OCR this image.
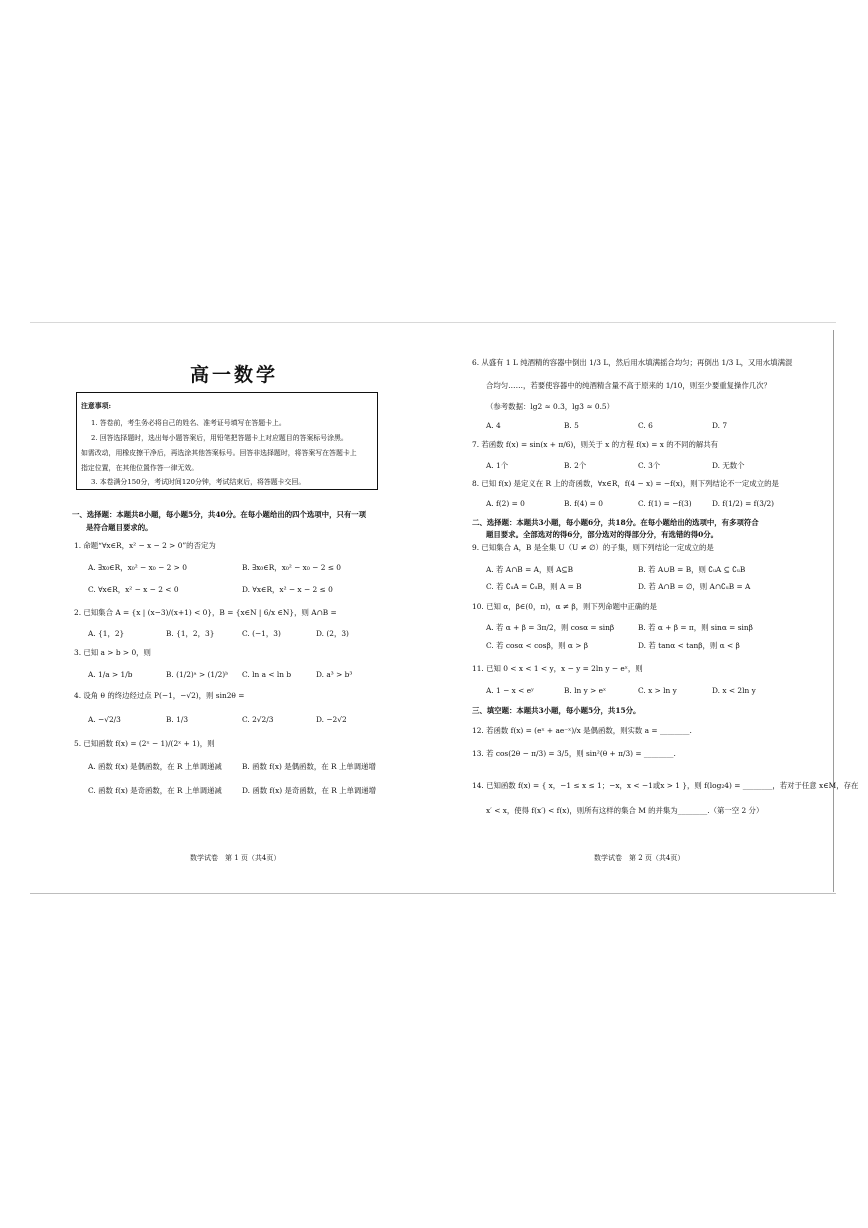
高一数学
注意事项:
1. 答卷前，考生务必将自己的姓名、准考证号填写在答题卡上。
2. 回答选择题时，选出每小题答案后，用铅笔把答题卡上对应题目的答案标号涂黑。
如需改动，用橡皮擦干净后，再选涂其他答案标号。回答非选择题时，将答案写在答题卡上
指定位置，在其他位置作答一律无效。
3. 本卷满分150分，考试时间120分钟，考试结束后，将答题卡交回。
一、选择题：本题共8小题，每小题5分，共40分。在每小题给出的四个选项中，只有一项
是符合题目要求的。
1. 命题“∀x∈R，x² − x − 2 > 0”的否定为
A. ∃x₀∈R，x₀² − x₀ − 2 > 0	B. ∃x₀∈R，x₀² − x₀ − 2 ≤ 0
C. ∀x∈R，x² − x − 2 < 0	D. ∀x∈R，x² − x − 2 ≤ 0
2. 已知集合 A = {x | (x−3)/(x+1) < 0}，B = {x∈N | 6/x ∈N}，则 A∩B =
A. {1，2}	B. {1，2，3}	C. (−1，3)	D. (2，3)
3. 已知 a > b > 0，则
A. 1/a > 1/b	B. (1/2)ᵃ > (1/2)ᵇ C. ln a < ln b	D. a³ > b³
4. 设角 θ 的终边经过点 P(−1，−√2)，则 sin2θ =
A. −√2/3	B. 1/3	C. 2√2/3	D. −2√2
5. 已知函数 f(x) = (2ˣ − 1)/(2ˣ + 1)，则
A. 函数 f(x) 是偶函数，在 R 上单调递减	B. 函数 f(x) 是偶函数，在 R 上单调递增
C. 函数 f(x) 是奇函数，在 R 上单调递减	D. 函数 f(x) 是奇函数，在 R 上单调递增
数学试卷　第 1 页（共4页）
6. 从盛有 1 L 纯酒精的容器中倒出 1/3 L，然后用水填满摇合均匀；再倒出 1/3 L，又用水填满混
合均匀……，若要使容器中的纯酒精含量不高于原来的 1/10，则至少要重复操作几次？
（参考数据：lg2 ≈ 0.3，lg3 ≈ 0.5）
A. 4	B. 5	C. 6	D. 7
7. 若函数 f(x) = sin(x + π/6)，则关于 x 的方程 f(x) = x 的不同的解共有
A. 1个	B. 2个	C. 3个	D. 无数个
8. 已知 f(x) 是定义在 R 上的奇函数，∀x∈R，f(4 − x) = −f(x)，则下列结论不一定成立的是
A. f(2) = 0	B. f(4) = 0	C. f(1) = −f(3)	D. f(1/2) = f(3/2)
二、选择题：本题共3小题，每小题6分，共18分。在每小题给出的选项中，有多项符合
题目要求。全部选对的得6分，部分选对的得部分分，有选错的得0分。
9. 已知集合 A，B 是全集 U（U ≠ ∅）的子集，则下列结论一定成立的是
A. 若 A∩B = A，则 A⊆B	B. 若 A∪B = B，则 ∁ᵤA ⊆ ∁ᵤB
C. 若 ∁ᵤA = ∁ᵤB，则 A = B	D. 若 A∩B = ∅，则 A∩∁ᵤB = A
10. 已知 α，β∈(0，π)，α ≠ β，则下列命题中正确的是
A. 若 α + β = 3π/2，则 cosα = sinβ	B. 若 α + β = π，则 sinα = sinβ
C. 若 cosα < cosβ，则 α > β	D. 若 tanα < tanβ，则 α < β
11. 已知 0 < x < 1 < y，x − y = 2ln y − eˣ，则
A. 1 − x < eʸ	B. ln y > eˣ	C. x > ln y	D. x < 2ln y
三、填空题：本题共3小题，每小题5分，共15分。
12. 若函数 f(x) = (eˣ + ae⁻ˣ)/x 是偶函数，则实数 a = ________.
13. 若 cos(2θ − π/3) = 3/5，则 sin²(θ + π/3) = ________.
14. 已知函数 f(x) = { x，−1 ≤ x ≤ 1；−x，x < −1或x > 1 }，则 f(log₂4) = ________，若对于任意 x∈M，存在
x′ < x，使得 f(x′) < f(x)，则所有这样的集合 M 的并集为________.（第一空 2 分）
数学试卷　第 2 页（共4页）
